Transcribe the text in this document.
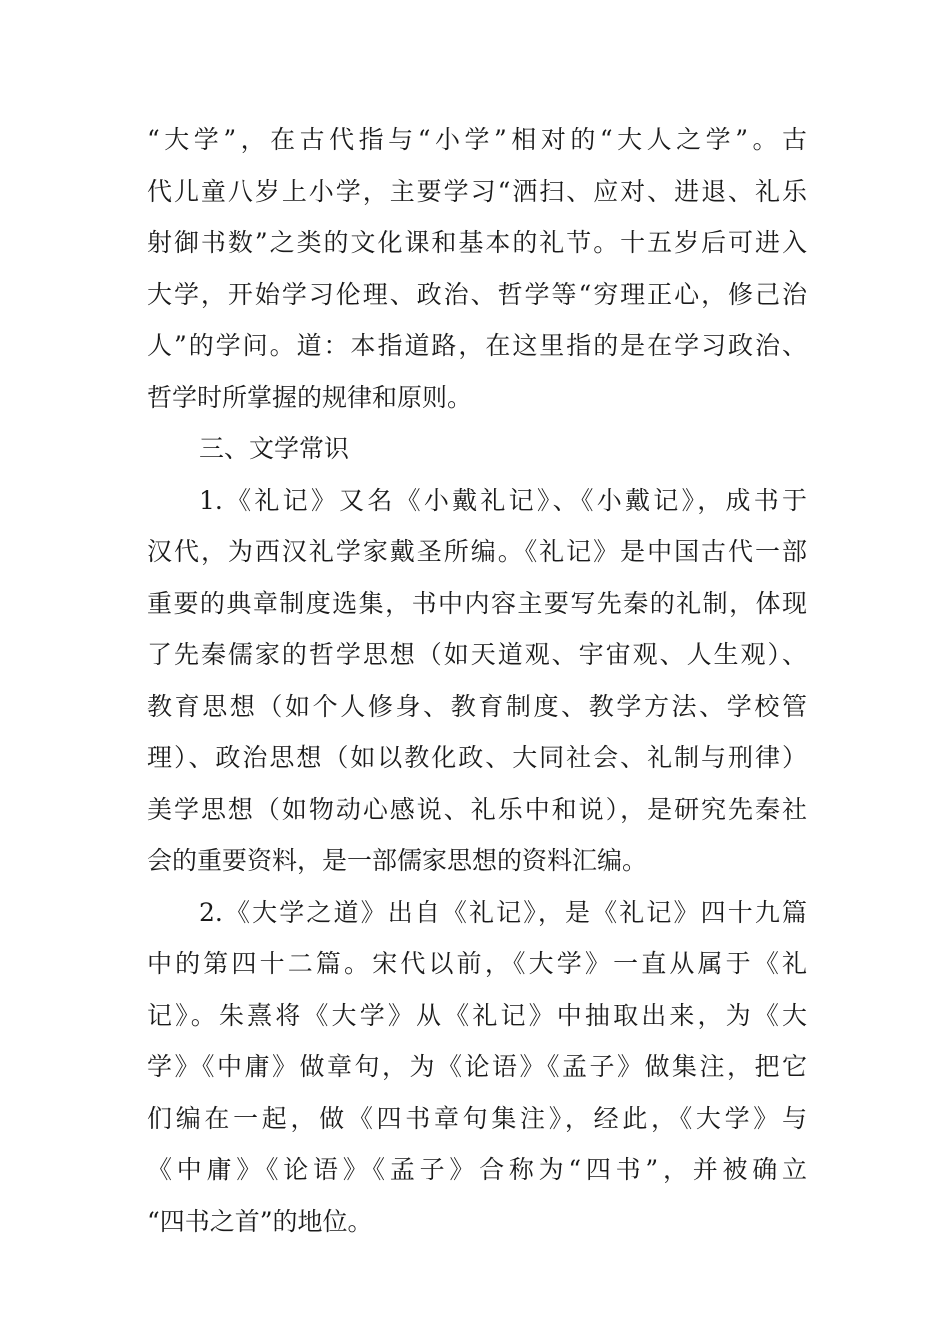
“大学”，在古代指与“小学”相对的“大人之学”。古
代儿童八岁上小学，主要学习“洒扫、应对、进退、礼乐
射御书数”之类的文化课和基本的礼节。十五岁后可进入
大学，开始学习伦理、政治、哲学等“穷理正心，修己治
人”的学问。道：本指道路，在这里指的是在学习政治、
哲学时所掌握的规律和原则。
三、文学常识
1.《礼记》又名《小戴礼记》、《小戴记》，成书于
汉代，为西汉礼学家戴圣所编。《礼记》是中国古代一部
重要的典章制度选集，书中内容主要写先秦的礼制，体现
了先秦儒家的哲学思想（如天道观、宇宙观、人生观）、
教育思想（如个人修身、教育制度、教学方法、学校管
理）、政治思想（如以教化政、大同社会、礼制与刑律）
美学思想（如物动心感说、礼乐中和说），是研究先秦社
会的重要资料，是一部儒家思想的资料汇编。
2.《大学之道》出自《礼记》，是《礼记》四十九篇
中的第四十二篇。宋代以前，《大学》一直从属于《礼
记》。朱熹将《大学》从《礼记》中抽取出来，为《大
学》《中庸》做章句，为《论语》《孟子》做集注，把它
们编在一起，做《四书章句集注》，经此，《大学》与
《中庸》《论语》《孟子》合称为“四书”，并被确立
“四书之首”的地位。
